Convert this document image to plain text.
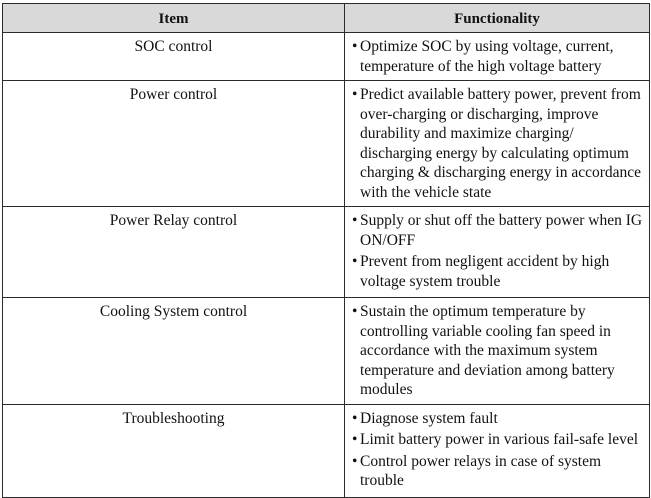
Item	Functionality
SOC control	• Optimize SOC by using voltage, current, temperature of the high voltage battery

Power control	• Predict available battery power, prevent from over-charging or discharging, improve durability and maximize charging/ discharging energy by calculating optimum charging & discharging energy in accordance with the vehicle state

Power Relay control	• Supply or shut off the battery power when IG ON/OFF
• Prevent from negligent accident by high voltage system trouble

Cooling System control	• Sustain the optimum temperature by controlling variable cooling fan speed in accordance with the maximum system temperature and deviation among battery modules

Troubleshooting	• Diagnose system fault
• Limit battery power in various fail-safe level
• Control power relays in case of system trouble
